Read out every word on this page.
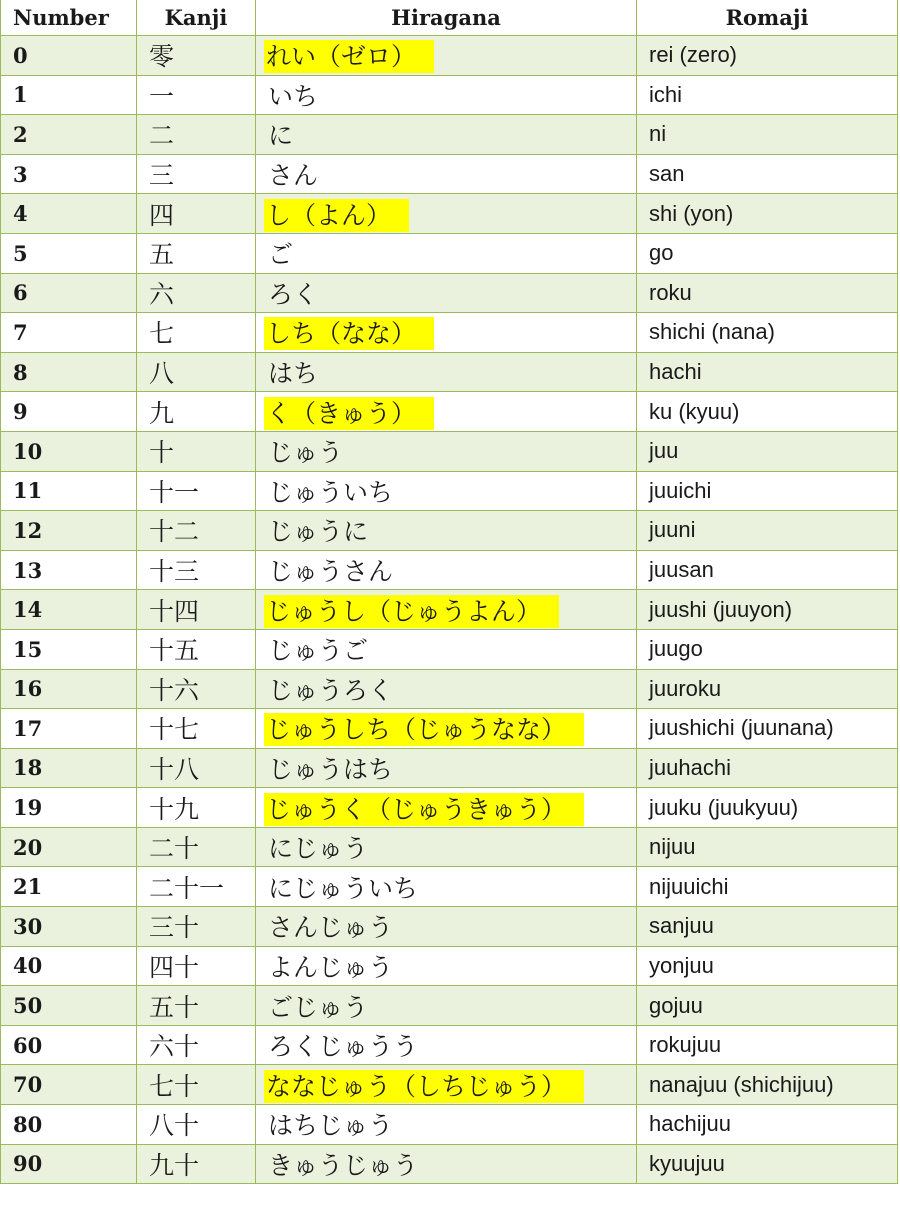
Number	Kanji	Hiragana	Romaji
0	零	れい（ゼロ）	rei (zero)
1	一	いち	ichi
2	二	に	ni
3	三	さん	san
4	四	し（よん）	shi (yon)
5	五	ご	go
6	六	ろく	roku
7	七	しち（なな）	shichi (nana)
8	八	はち	hachi
9	九	く（きゅう）	ku (kyuu)
10	十	じゅう	juu
11	十一	じゅういち	juuichi
12	十二	じゅうに	juuni
13	十三	じゅうさん	juusan
14	十四	じゅうし（じゅうよん）	juushi (juuyon)
15	十五	じゅうご	juugo
16	十六	じゅうろく	juuroku
17	十七	じゅうしち（じゅうなな）	juushichi (juunana)
18	十八	じゅうはち	juuhachi
19	十九	じゅうく（じゅうきゅう）	juuku (juukyuu)
20	二十	にじゅう	nijuu
21	二十一	にじゅういち	nijuuichi
30	三十	さんじゅう	sanjuu
40	四十	よんじゅう	yonjuu
50	五十	ごじゅう	gojuu
60	六十	ろくじゅうう	rokujuu
70	七十	ななじゅう（しちじゅう）	nanajuu (shichijuu)
80	八十	はちじゅう	hachijuu
90	九十	きゅうじゅう	kyuujuu
